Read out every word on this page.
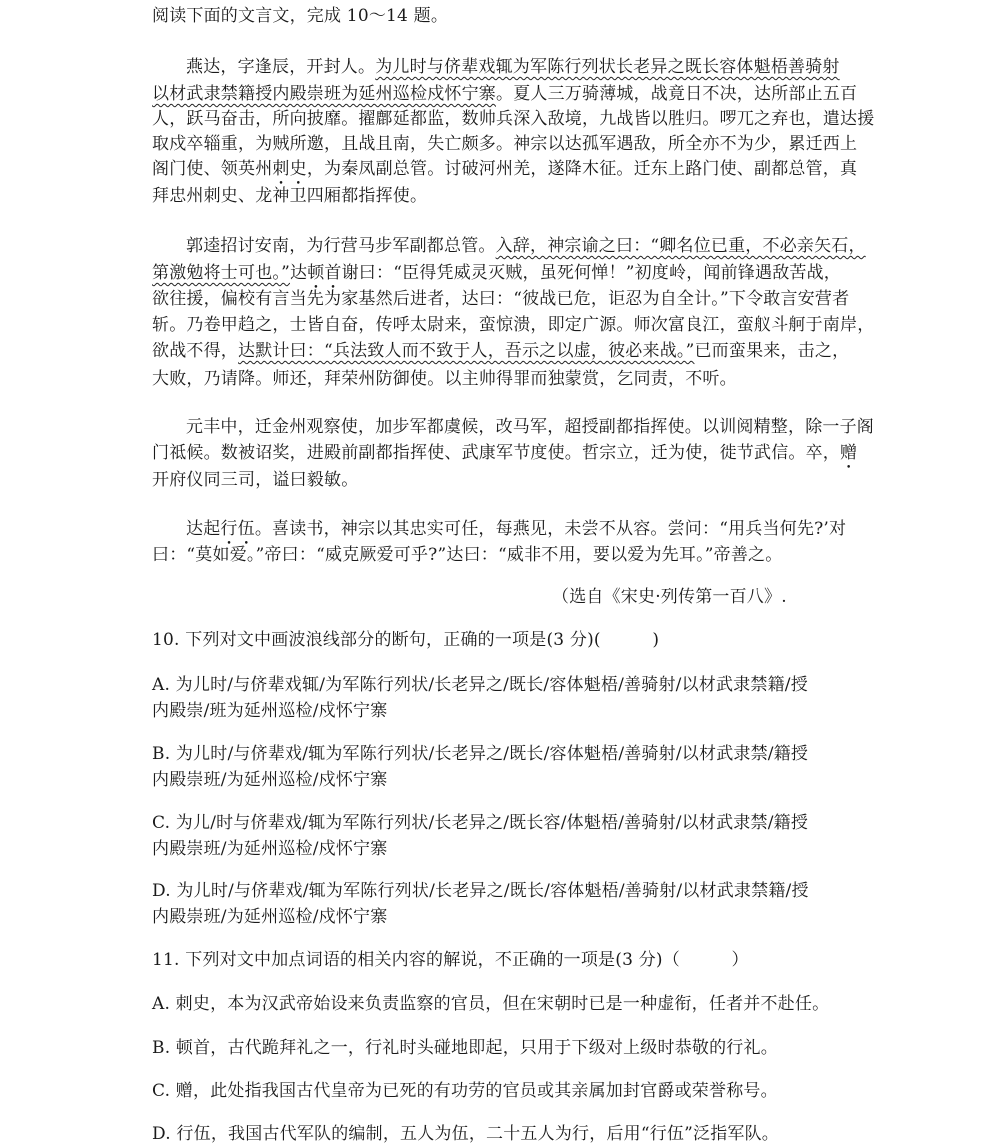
阅读下面的文言文，完成 10～14 题。
燕达，字逢辰，开封人。为儿时与侪辈戏辄为军陈行列状长老异之既长容体魁梧善骑射
以材武隶禁籍授内殿崇班为延州巡检戍怀宁寨。夏人三万骑薄城，战竟日不决，达所部止五百
人，跃马奋击，所向披靡。擢鄜延都监，数帅兵深入敌境，九战皆以胜归。啰兀之弃也，遣达援
取戍卒辎重，为贼所邀，且战且南，失亡颇多。神宗以达孤军遇敌，所全亦不为少，累迁西上
阁门使、领英州刺史，为秦凤副总管。讨破河州羌，遂降木征。迁东上路门使、副都总管，真
拜忠州刺史、龙神卫四厢都指挥使。
郭逵招讨安南，为行营马步军副都总管。入辞，神宗谕之曰：“卿名位已重，不必亲矢石，
第激勉将士可也。”达顿首谢曰：“臣得凭威灵灭贼，虽死何惮！”初度岭，闻前锋遇敌苦战，
欲往援，偏校有言当先为家基然后进者，达曰：“彼战已危，讵忍为自全计。”下令敢言安营者
斩。乃卷甲趋之，士皆自奋，传呼太尉来，蛮惊溃，即定广源。师次富良江，蛮舣斗舸于南岸，
欲战不得，达默计曰：“兵法致人而不致于人，吾示之以虚，彼必来战。”已而蛮果来，击之，
大败，乃请降。师还，拜荣州防御使。以主帅得罪而独蒙赏，乞同责，不听。
元丰中，迁金州观察使，加步军都虞候，改马军，超授副都指挥使。以训阅精整，除一子阁
门祗候。数被诏奖，进殿前副都指挥使、武康军节度使。哲宗立，迁为使，徙节武信。卒，赠
开府仪同三司，谥曰毅敏。
达起行伍。喜读书，神宗以其忠实可任，每燕见，未尝不从容。尝问：“用兵当何先?’对
曰：“莫如爱。”帝曰：“威克厥爱可乎?”达曰：“威非不用，要以爱为先耳。”帝善之。
（选自《宋史·列传第一百八》.
10. 下列对文中画波浪线部分的断句，正确的一项是(3 分)(　　　)
A. 为儿时/与侪辈戏辄/为军陈行列状/长老异之/既长/容体魁梧/善骑射/以材武隶禁籍/授
内殿崇/班为延州巡检/戍怀宁寨
B. 为儿时/与侪辈戏/辄为军陈行列状/长老异之/既长/容体魁梧/善骑射/以材武隶禁/籍授
内殿崇班/为延州巡检/戍怀宁寨
C. 为儿/时与侪辈戏/辄为军陈行列状/长老异之/既长容/体魁梧/善骑射/以材武隶禁/籍授
内殿崇班/为延州巡检/戍怀宁寨
D. 为儿时/与侪辈戏/辄为军陈行列状/长老异之/既长/容体魁梧/善骑射/以材武隶禁籍/授
内殿崇班/为延州巡检/戍怀宁寨
11. 下列对文中加点词语的相关内容的解说，不正确的一项是(3 分)（　　　）
A. 刺史，本为汉武帝始设来负责监察的官员，但在宋朝时已是一种虚衔，任者并不赴任。
B. 顿首，古代跪拜礼之一，行礼时头碰地即起，只用于下级对上级时恭敬的行礼。
C. 赠，此处指我国古代皇帝为已死的有功劳的官员或其亲属加封官爵或荣誉称号。
D. 行伍，我国古代军队的编制，五人为伍，二十五人为行，后用“行伍”泛指军队。
